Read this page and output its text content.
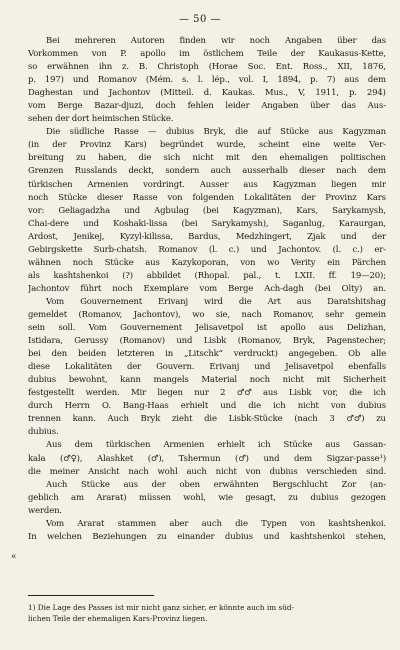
— 50 —
«
Bei mehreren Autoren finden wir noch Angaben über das
Vorkommen von P. apollo im östlichem Teile der Kaukasus-Kette,
so erwähnen ihn z. B. Christoph (Horae Soc. Ent. Ross., XII, 1876,
p. 197) und Romanov (Mém. s. l. lép., vol. I, 1894, p. 7) aus dem
Daghestan und Jachontov (Mitteil. d. Kaukas. Mus., V, 1911, p. 294)
vom Berge Bazar-djuzi, doch fehlen leider Angaben über das Aus-
sehen der dort heimischen Stücke.
Die südliche Rasse — dubius Bryk, die auf Stücke aus Kagyzman
(in der Provinz Kars) begründet wurde, scheint eine weite Ver-
breitung zu haben, die sich nicht mit den ehemaligen politischen
Grenzen Russlands deckt, sondern auch ausserhalb dieser nach dem
türkischen Armenien vordringt. Ausser aus Kagyzman liegen mir
noch Stücke dieser Rasse von folgenden Lokalitäten der Provinz Kars
vor: Geliagadzha und Agbulag (bei Kagyzman), Kars, Sarykamysh,
Chai-dere und Koshaki-lissa (bei Sarykamysh), Saganlug, Karaurgan,
Ardost, Jenikej, Kyzyl-kilissa, Bardus, Medzhingert, Zjak und der
Gebirgskette Surb-chatsh. Romanov (l. c.) und Jachontov. (l. c.) er-
wähnen noch Stücke aus Kazykoporan, von wo Verity ein Pärchen
als kashtshenkoi (?) abbildet (Rhopal. pal., t. LXII. ff. 19—20);
Jachontov führt noch Exemplare vom Berge Ach-dagh (bei Olty) an.
Vom Gouvernement Erivanj wird die Art aus Daratshitshag
gemeldet (Romanov, Jachontov), wo sie, nach Romanov, sehr gemein
sein soll. Vom Gouvernement Jelisavetpol ist apollo aus Delizhan,
Istidara, Gerussy (Romanov) und Lisbk (Romanov, Bryk, Pagenstecher;
bei den beiden letzteren in „Litschk“ verdruckt) angegeben. Ob alle
diese Lokalitäten der Gouvern. Erivanj und Jelisavetpol ebenfalls
dubius bewohnt, kann mangels Material noch nicht mit Sicherheit
festgestellt werden. Mir liegen nur 2 ♂♂ aus Lisbk vor, die ich
durch Herrn O. Bang-Haas erhielt und die ich nicht von dubius
trennen kann. Auch Bryk zieht die Lisbk-Stücke (nach 3 ♂♂) zu
dubius.
Aus dem türkischen Armenien erhielt ich Stücke aus Gassan-
kala (♂♀), Alashket (♂), Tshermun (♂) und dem Sigzar-passe¹)
die meiner Ansicht nach wohl auch nicht von dubius verschieden sind.
Auch Stücke aus der oben erwähnten Bergschlucht Zor (an-
geblich am Ararat) müssen wohl, wie gesagt, zu dubius gezogen
werden.
Vom Ararat stammen aber auch die Typen von kashtshenkoi.
In welchen Beziehungen zu einander dubius und kashtshenkoi stehen,
1) Die Lage des Passes ist mir nicht ganz sicher, er könnte auch im süd-
lichen Teile der ehemaligen Kars-Provinz liegen.
